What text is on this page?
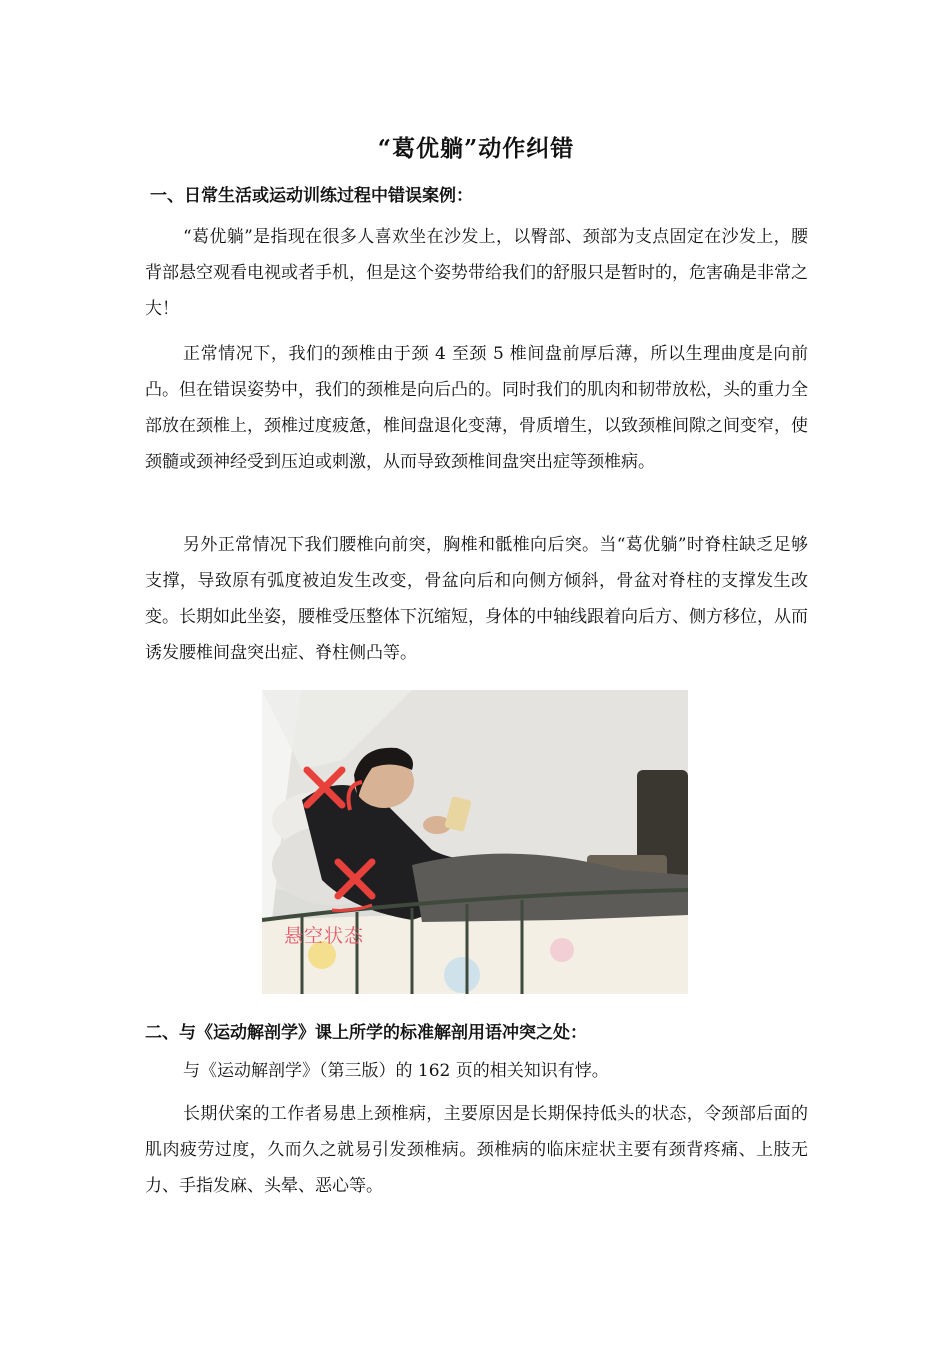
“葛优躺”动作纠错
一、日常生活或运动训练过程中错误案例：

“葛优躺”是指现在很多人喜欢坐在沙发上，以臀部、颈部为支点固定在沙发上，腰背部悬空观看电视或者手机，但是这个姿势带给我们的舒服只是暂时的，危害确是非常之大！

正常情况下，我们的颈椎由于颈 4 至颈 5 椎间盘前厚后薄，所以生理曲度是向前凸。但在错误姿势中，我们的颈椎是向后凸的。同时我们的肌肉和韧带放松，头的重力全部放在颈椎上，颈椎过度疲惫，椎间盘退化变薄，骨质增生，以致颈椎间隙之间变窄，使颈髓或颈神经受到压迫或刺激，从而导致颈椎间盘突出症等颈椎病。

另外正常情况下我们腰椎向前突，胸椎和骶椎向后突。当“葛优躺”时脊柱缺乏足够支撑，导致原有弧度被迫发生改变，骨盆向后和向侧方倾斜，骨盆对脊柱的支撑发生改变。长期如此坐姿，腰椎受压整体下沉缩短，身体的中轴线跟着向后方、侧方移位，从而诱发腰椎间盘突出症、脊柱侧凸等。

悬空状态
二、与《运动解剖学》课上所学的标准解剖用语冲突之处：

与《运动解剖学》（第三版）的 162 页的相关知识有悖。

长期伏案的工作者易患上颈椎病，主要原因是长期保持低头的状态，令颈部后面的肌肉疲劳过度，久而久之就易引发颈椎病。颈椎病的临床症状主要有颈背疼痛、上肢无力、手指发麻、头晕、恶心等。
